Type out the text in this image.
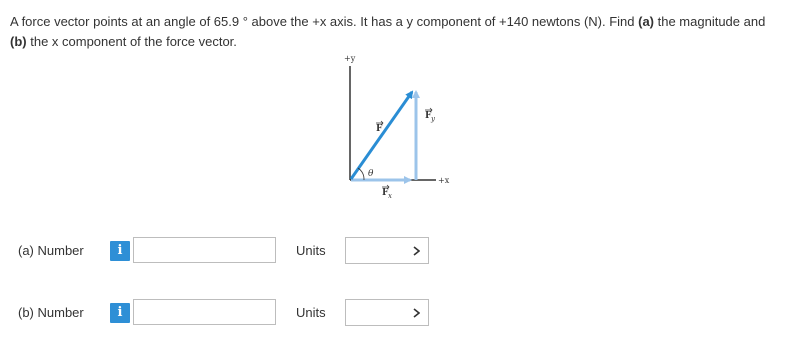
A force vector points at an angle of 65.9 ° above the +x axis. It has a y component of +140 newtons (N). Find (a) the magnitude and (b) the x component of the force vector.
+y
+x
θ
F
F y
F x
(a) Number	i	Units
(b) Number	i	Units
